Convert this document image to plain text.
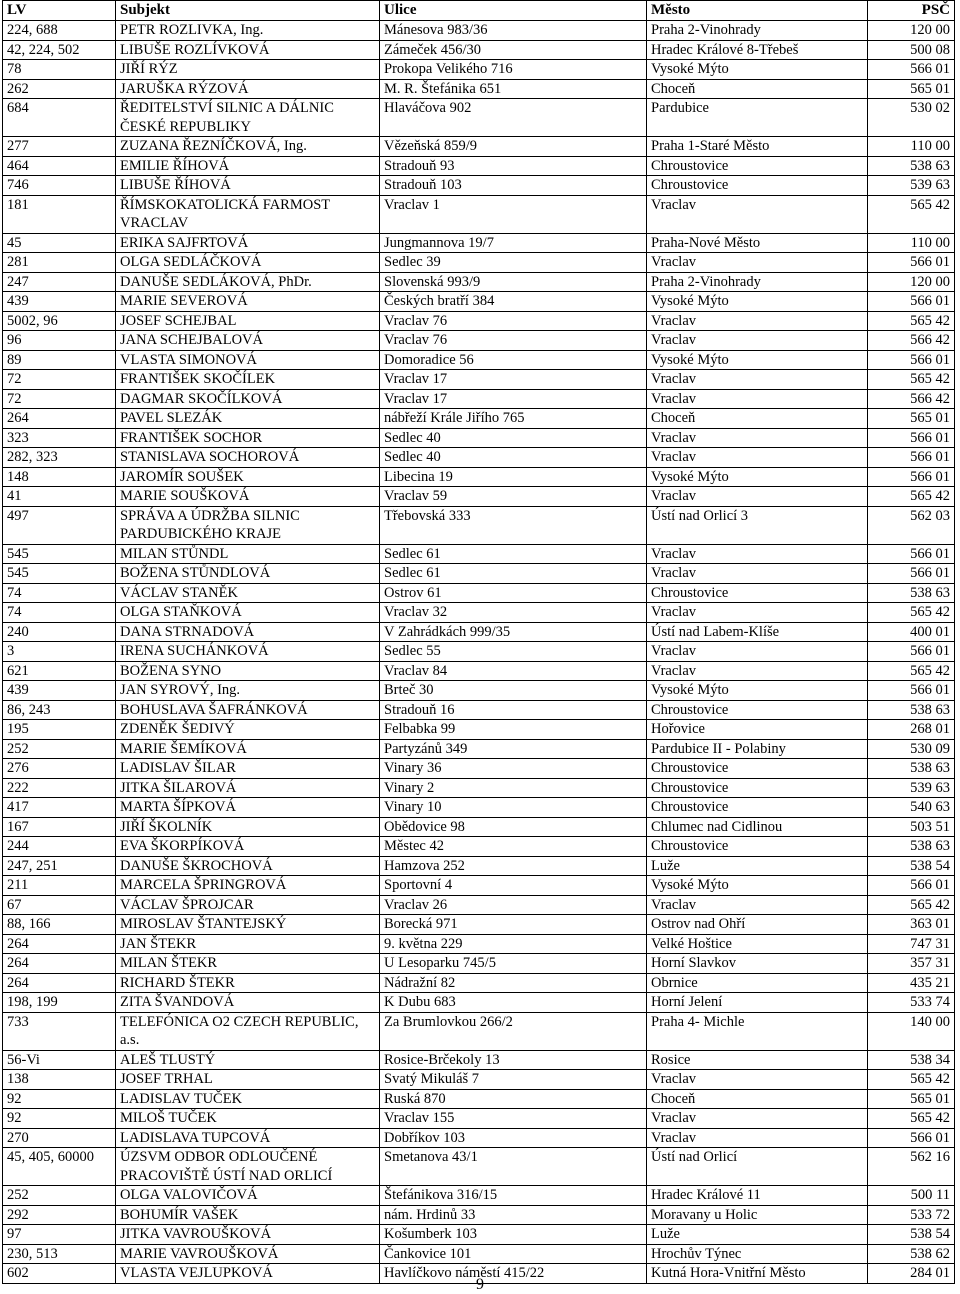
LV	Subjekt	Ulice	Město	PSČ
224, 688	PETR ROZLIVKA, Ing.	Mánesova 983/36	Praha 2-Vinohrady	120 00
42, 224, 502	LIBUŠE ROZLÍVKOVÁ	Zámeček 456/30	Hradec Králové 8-Třebeš	500 08
78	JIŘÍ RÝZ	Prokopa Velikého 716	Vysoké Mýto	566 01
262	JARUŠKA RÝZOVÁ	M. R. Štefánika 651	Choceň	565 01
684	ŘEDITELSTVÍ SILNIC A DÁLNIC ČESKÉ REPUBLIKY	Hlaváčova 902	Pardubice	530 02
277	ZUZANA ŘEZNÍČKOVÁ, Ing.	Vězeňská 859/9	Praha 1-Staré Město	110 00
464	EMILIE ŘÍHOVÁ	Stradouň 93	Chroustovice	538 63
746	LIBUŠE ŘÍHOVÁ	Stradouň 103	Chroustovice	539 63
181	ŘÍMSKOKATOLICKÁ FARMOST VRACLAV	Vraclav 1	Vraclav	565 42
45	ERIKA SAJFRTOVÁ	Jungmannova 19/7	Praha-Nové Město	110 00
281	OLGA SEDLÁČKOVÁ	Sedlec 39	Vraclav	566 01
247	DANUŠE SEDLÁKOVÁ, PhDr.	Slovenská 993/9	Praha 2-Vinohrady	120 00
439	MARIE SEVEROVÁ	Českých bratří 384	Vysoké Mýto	566 01
5002, 96	JOSEF SCHEJBAL	Vraclav 76	Vraclav	565 42
96	JANA SCHEJBALOVÁ	Vraclav 76	Vraclav	566 42
89	VLASTA SIMONOVÁ	Domoradice 56	Vysoké Mýto	566 01
72	FRANTIŠEK SKOČÍLEK	Vraclav 17	Vraclav	565 42
72	DAGMAR SKOČÍLKOVÁ	Vraclav 17	Vraclav	566 42
264	PAVEL SLEZÁK	nábřeží Krále Jiřího 765	Choceň	565 01
323	FRANTIŠEK SOCHOR	Sedlec 40	Vraclav	566 01
282, 323	STANISLAVA SOCHOROVÁ	Sedlec 40	Vraclav	566 01
148	JAROMÍR SOUŠEK	Libecina 19	Vysoké Mýto	566 01
41	MARIE SOUŠKOVÁ	Vraclav 59	Vraclav	565 42
497	SPRÁVA A ÚDRŽBA SILNIC PARDUBICKÉHO KRAJE	Třebovská 333	Ústí nad Orlicí 3	562 03
545	MILAN STŮNDL	Sedlec 61	Vraclav	566 01
545	BOŽENA STŮNDLOVÁ	Sedlec 61	Vraclav	566 01
74	VÁCLAV STANĚK	Ostrov 61	Chroustovice	538 63
74	OLGA STAŇKOVÁ	Vraclav 32	Vraclav	565 42
240	DANA STRNADOVÁ	V Zahrádkách 999/35	Ústí nad Labem-Klíše	400 01
3	IRENA SUCHÁNKOVÁ	Sedlec 55	Vraclav	566 01
621	BOŽENA SYNO	Vraclav 84	Vraclav	565 42
439	JAN SYROVÝ, Ing.	Brteč 30	Vysoké Mýto	566 01
86, 243	BOHUSLAVA ŠAFRÁNKOVÁ	Stradouň 16	Chroustovice	538 63
195	ZDENĚK ŠEDIVÝ	Felbabka 99	Hořovice	268 01
252	MARIE ŠEMÍKOVÁ	Partyzánů 349	Pardubice II - Polabiny	530 09
276	LADISLAV ŠILAR	Vinary 36	Chroustovice	538 63
222	JITKA ŠILAROVÁ	Vinary 2	Chroustovice	539 63
417	MARTA ŠÍPKOVÁ	Vinary 10	Chroustovice	540 63
167	JIŘÍ ŠKOLNÍK	Obědovice 98	Chlumec nad Cidlinou	503 51
244	EVA ŠKORPÍKOVÁ	Městec 42	Chroustovice	538 63
247, 251	DANUŠE ŠKROCHOVÁ	Hamzova 252	Luže	538 54
211	MARCELA ŠPRINGROVÁ	Sportovní 4	Vysoké Mýto	566 01
67	VÁCLAV ŠPROJCAR	Vraclav 26	Vraclav	565 42
88, 166	MIROSLAV ŠTANTEJSKÝ	Borecká 971	Ostrov nad Ohří	363 01
264	JAN ŠTEKR	9. května 229	Velké Hoštice	747 31
264	MILAN ŠTEKR	U Lesoparku 745/5	Horní Slavkov	357 31
264	RICHARD ŠTEKR	Nádražní 82	Obrnice	435 21
198, 199	ZITA ŠVANDOVÁ	K Dubu 683	Horní Jelení	533 74
733	TELEFÓNICA O2 CZECH REPUBLIC, a.s.	Za Brumlovkou 266/2	Praha 4- Michle	140 00
56-Vi	ALEŠ TLUSTÝ	Rosice-Brčekoly 13	Rosice	538 34
138	JOSEF TRHAL	Svatý Mikuláš 7	Vraclav	565 42
92	LADISLAV TUČEK	Ruská 870	Choceň	565 01
92	MILOŠ TUČEK	Vraclav 155	Vraclav	565 42
270	LADISLAVA TUPCOVÁ	Dobříkov 103	Vraclav	566 01
45, 405, 60000	ÚZSVM ODBOR ODLOUČENÉ PRACOVIŠTĚ ÚSTÍ NAD ORLICÍ	Smetanova 43/1	Ústí nad Orlicí	562 16
252	OLGA VALOVIČOVÁ	Štefánikova 316/15	Hradec Králové 11	500 11
292	BOHUMÍR VAŠEK	nám. Hrdinů 33	Moravany u Holic	533 72
97	JITKA VAVROUŠKOVÁ	Košumberk 103	Luže	538 54
230, 513	MARIE VAVROUŠKOVÁ	Čankovice 101	Hrochův Týnec	538 62
602	VLASTA VEJLUPKOVÁ	Havlíčkovo náměstí 415/22	Kutná Hora-Vnitřní Město	284 01
9
